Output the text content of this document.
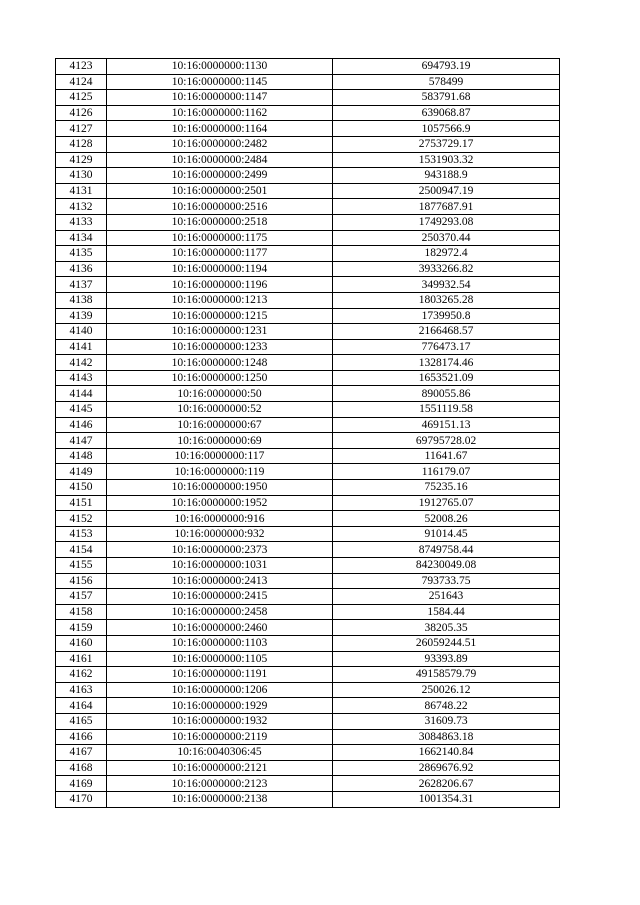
4123	10:16:0000000:1130	694793.19
4124	10:16:0000000:1145	578499
4125	10:16:0000000:1147	583791.68
4126	10:16:0000000:1162	639068.87
4127	10:16:0000000:1164	1057566.9
4128	10:16:0000000:2482	2753729.17
4129	10:16:0000000:2484	1531903.32
4130	10:16:0000000:2499	943188.9
4131	10:16:0000000:2501	2500947.19
4132	10:16:0000000:2516	1877687.91
4133	10:16:0000000:2518	1749293.08
4134	10:16:0000000:1175	250370.44
4135	10:16:0000000:1177	182972.4
4136	10:16:0000000:1194	3933266.82
4137	10:16:0000000:1196	349932.54
4138	10:16:0000000:1213	1803265.28
4139	10:16:0000000:1215	1739950.8
4140	10:16:0000000:1231	2166468.57
4141	10:16:0000000:1233	776473.17
4142	10:16:0000000:1248	1328174.46
4143	10:16:0000000:1250	1653521.09
4144	10:16:0000000:50	890055.86
4145	10:16:0000000:52	1551119.58
4146	10:16:0000000:67	469151.13
4147	10:16:0000000:69	69795728.02
4148	10:16:0000000:117	11641.67
4149	10:16:0000000:119	116179.07
4150	10:16:0000000:1950	75235.16
4151	10:16:0000000:1952	1912765.07
4152	10:16:0000000:916	52008.26
4153	10:16:0000000:932	91014.45
4154	10:16:0000000:2373	8749758.44
4155	10:16:0000000:1031	84230049.08
4156	10:16:0000000:2413	793733.75
4157	10:16:0000000:2415	251643
4158	10:16:0000000:2458	1584.44
4159	10:16:0000000:2460	38205.35
4160	10:16:0000000:1103	26059244.51
4161	10:16:0000000:1105	93393.89
4162	10:16:0000000:1191	49158579.79
4163	10:16:0000000:1206	250026.12
4164	10:16:0000000:1929	86748.22
4165	10:16:0000000:1932	31609.73
4166	10:16:0000000:2119	3084863.18
4167	10:16:0040306:45	1662140.84
4168	10:16:0000000:2121	2869676.92
4169	10:16:0000000:2123	2628206.67
4170	10:16:0000000:2138	1001354.31
